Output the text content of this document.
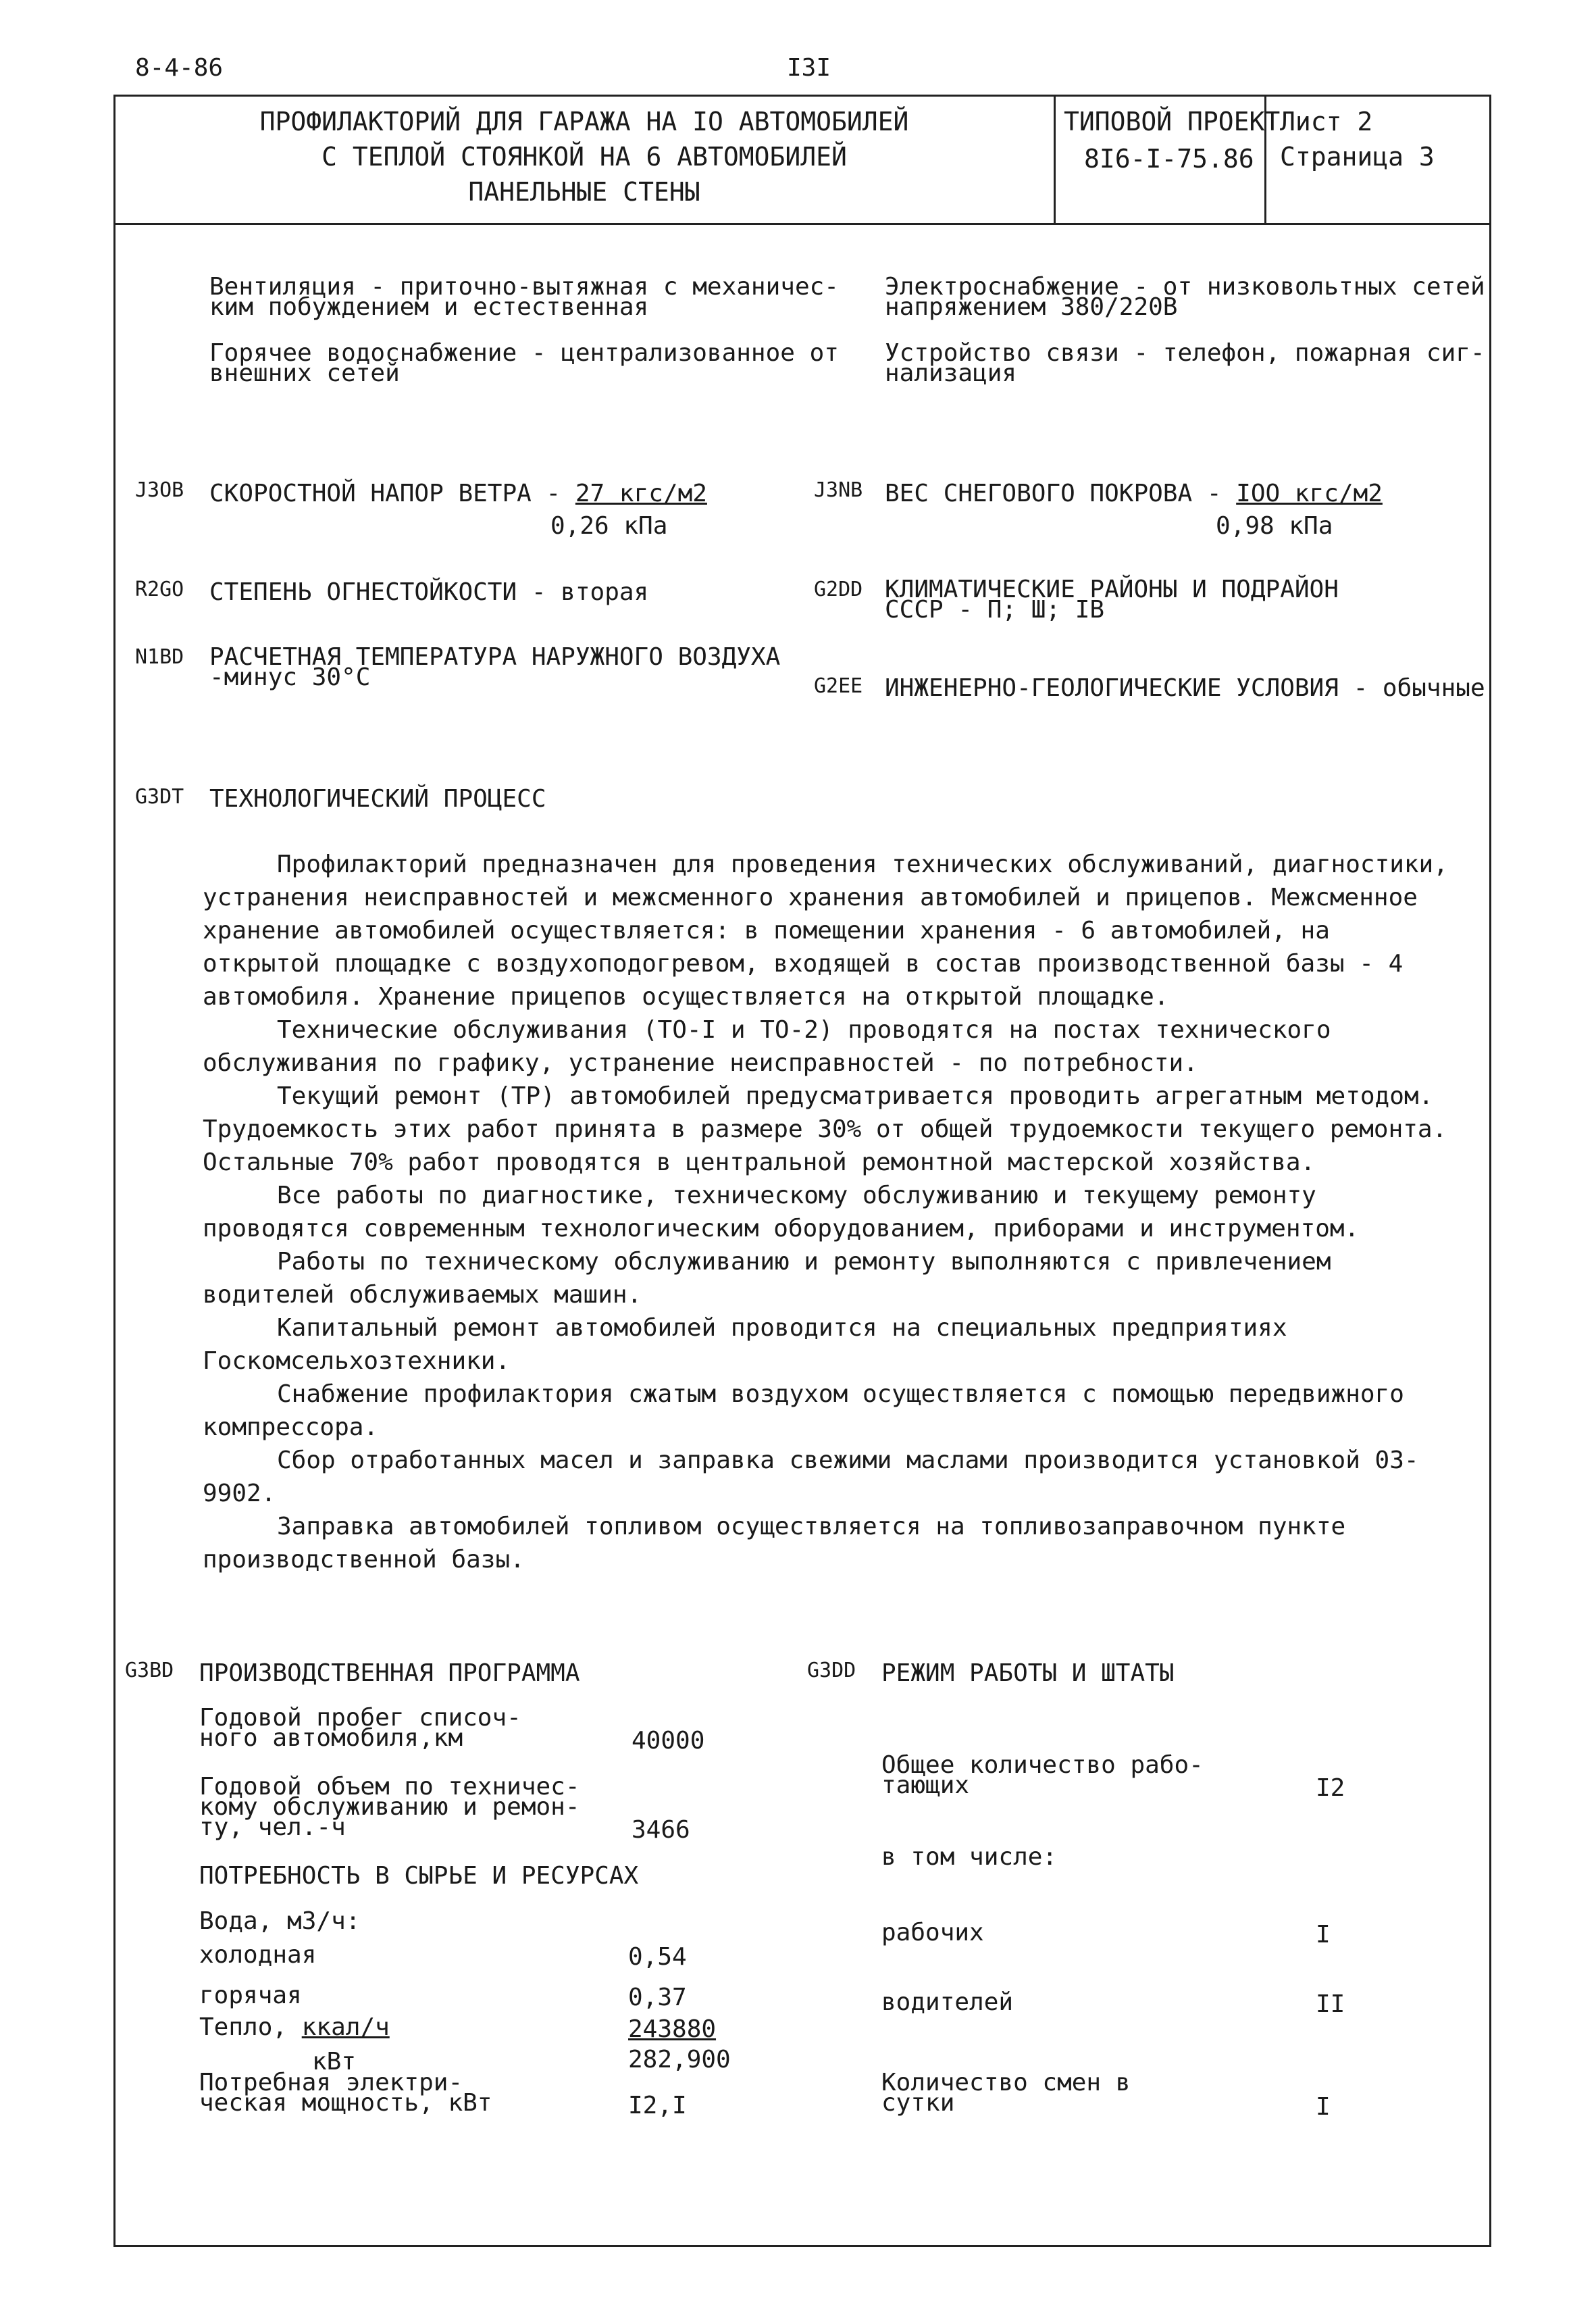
8-4-86	I3I
ПРОФИЛАКТОРИЙ ДЛЯ ГАРАЖА НА IO АВТОМОБИЛЕЙ
С ТЕПЛОЙ СТОЯНКОЙ НА 6 АВТОМОБИЛЕЙ
ПАНЕЛЬНЫЕ СТЕНЫ
ТИПОВОЙ ПРОЕКТ
8I6-I-75.86
Лист 2
Страница 3
Вентиляция - приточно-вытяжная с механичес-
ким побуждением и естественная
Горячее водоснабжение - централизованное от
внешних сетей
Электроснабжение - от низковольтных сетей
напряжением 380/220В
Устройство связи - телефон, пожарная сиг-
нализация
J3OB СКОРОСТНОЙ НАПОР ВЕТРА - 27 кгс/м2
0,26 кПа
J3NB ВЕС СНЕГОВОГО ПОКРОВА - IOO кгс/м2
0,98 кПа
R2GO СТЕПЕНЬ ОГНЕСТОЙКОСТИ - вторая	G2DD КЛИМАТИЧЕСКИЕ РАЙОНЫ И ПОДРАЙОН
СССР - П; Ш; IВ
N1BD РАСЧЕТНАЯ ТЕМПЕРАТУРА НАРУЖНОГО ВОЗДУХА
-минус 30°С	G2EE ИНЖЕНЕРНО-ГЕОЛОГИЧЕСКИЕ УСЛОВИЯ - обычные
G3DT ТЕХНОЛОГИЧЕСКИЙ ПРОЦЕСС

Профилакторий предназначен для проведения технических обслуживаний, диагностики, устранения неисправностей и межсменного хранения автомобилей и прицепов. Межсменное хранение автомобилей осуществляется: в помещении хранения - 6 автомобилей, на открытой площадке с воздухоподогревом, входящей в состав производственной базы - 4 автомобиля. Хранение прицепов осуществляется на открытой площадке.

Технические обслуживания (ТО-I и ТО-2) проводятся на постах технического обслуживания по графику, устранение неисправностей - по потребности.

Текущий ремонт (ТР) автомобилей предусматривается проводить агрегатным методом. Трудоемкость этих работ принята в размере 30% от общей трудоемкости текущего ремонта. Остальные 70% работ проводятся в центральной ремонтной мастерской хозяйства.

Все работы по диагностике, техническому обслуживанию и текущему ремонту проводятся современным технологическим оборудованием, приборами и инструментом.

Работы по техническому обслуживанию и ремонту выполняются с привлечением водителей обслуживаемых машин.

Капитальный ремонт автомобилей проводится на специальных предприятиях Госкомсельхозтехники.

Снабжение профилактория сжатым воздухом осуществляется с помощью передвижного компрессора.

Сбор отработанных масел и заправка свежими маслами производится установкой 03-9902.

Заправка автомобилей топливом осуществляется на топливозаправочном пункте производственной базы.

G3BD ПРОИЗВОДСТВЕННАЯ ПРОГРАММА
Годовой пробег списоч-
ного автомобиля,км	40000
Годовой объем по техничес-
кому обслуживанию и ремон-
ту, чел.-ч	3466
ПОТРЕБНОСТЬ В СЫРЬЕ И РЕСУРСАХ
Вода, м3/ч:
холодная	0,54
горячая	0,37
Тепло, ккал/ч	243880
кВт	282,900
Потребная электри-
ческая мощность, кВт	I2,I
G3DD РЕЖИМ РАБОТЫ И ШТАТЫ
Общее количество рабо-
тающих	I2
в том числе:
рабочих	I
водителей	II
Количество смен в
сутки	I
